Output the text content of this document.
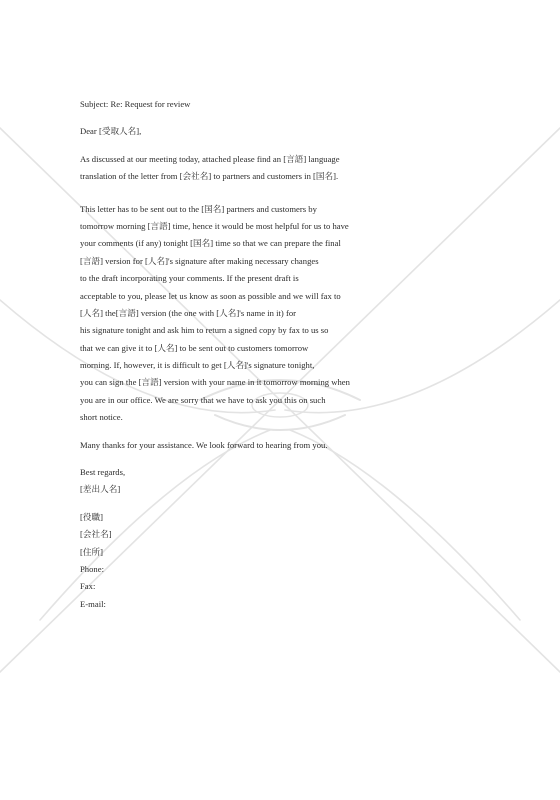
Subject: Re: Request for review
Dear [受取人名],
As discussed at our meeting today, attached please find an [言語] language
translation of the letter from [会社名] to partners and customers in [国名].
This letter has to be sent out to the [国名] partners and customers by
tomorrow morning [言語] time, hence it would be most helpful for us to have
your comments (if any) tonight [国名] time so that we can prepare the final
[言語] version for [人名]'s signature after making necessary changes
to the draft incorporating your comments. If the present draft is
acceptable to you, please let us know as soon as possible and we will fax to
[人名] the[言語] version (the one with [人名]'s name in it) for
his signature tonight and ask him to return a signed copy by fax to us so
that we can give it to [人名] to be sent out to customers tomorrow
morning. If, however, it is difficult to get [人名]'s signature tonight,
you can sign the [言語] version with your name in it tomorrow morning when
you are in our office. We are sorry that we have to ask you this on such
short notice.
Many thanks for your assistance. We look forward to hearing from you.
Best regards,
[差出人名]
[役職]
[会社名]
[住所]
Phone:
Fax:
E-mail:
